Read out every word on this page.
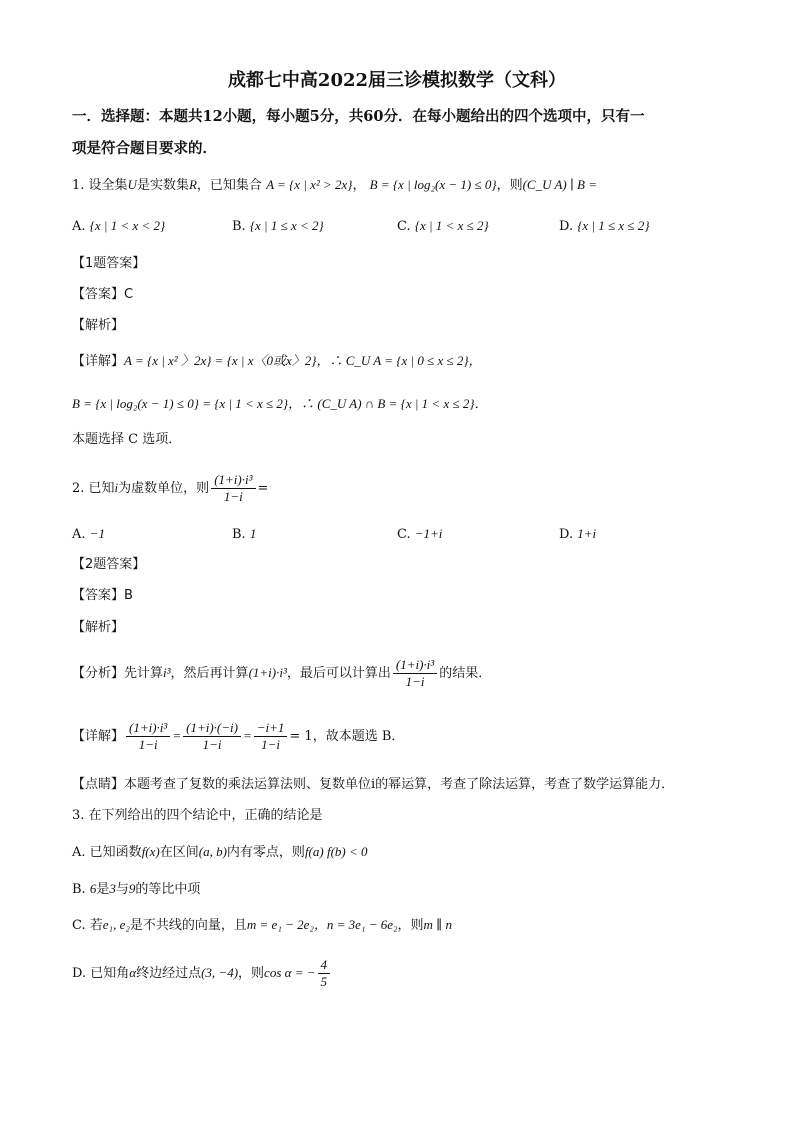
成都七中高2022届三诊模拟数学（文科）
一．选择题：本题共12小题，每小题5分，共60分．在每小题给出的四个选项中，只有一
项是符合题目要求的．
1. 设全集U是实数集R，已知集合 A = {x | x² > 2x}， B = {x | log₂(x − 1) ≤ 0}，则(C_U A) ∣ B =
A. {x | 1 < x < 2}	B. {x | 1 ≤ x < 2}	C. {x | 1 < x ≤ 2}	D. {x | 1 ≤ x ≤ 2}
【1题答案】
【答案】C
【解析】
【详解】A = {x | x² 〉2x} = {x | x〈0或x〉2}，∴ C_U A = {x | 0 ≤ x ≤ 2}，
B = {x | log₂(x − 1) ≤ 0} = {x | 1 < x ≤ 2}，∴ (C_U A) ∩ B = {x | 1 < x ≤ 2}．
本题选择 C 选项．
2. 已知i为虚数单位，则 $\frac{\text{(1+i)·i³}}{1-i}$ =
A. −1	B. 1	C. −1+i	D. 1+i
【2题答案】
【答案】B
【解析】
【分析】先计算i³，然后再计算(1+i)·i³，最后可以计算出 $\frac{\text{(1+i)·i³}}{1-i}$ 的结果．
【详解】 $\frac{\text{(1+i)·i³}}{1-i} = \frac{(1+i)\cdot(-i)}{1-i} = \frac{-i+1}{1-i} = 1$，故本题选 B．
【点睛】本题考查了复数的乘法运算法则、复数单位i的幂运算，考查了除法运算，考查了数学运算能力．
3. 在下列给出的四个结论中，正确的结论是
A. 已知函数f(x)在区间(a, b)内有零点，则f(a) f(b) < 0
B. 6是3与9的等比中项
C. 若e₁, e₂是不共线的向量，且m = e₁ − 2e₂，n = 3e₁ − 6e₂，则m ∥ n
D. 已知角α终边经过点(3, −4)，则cos α = − $\frac{4}{5}$
